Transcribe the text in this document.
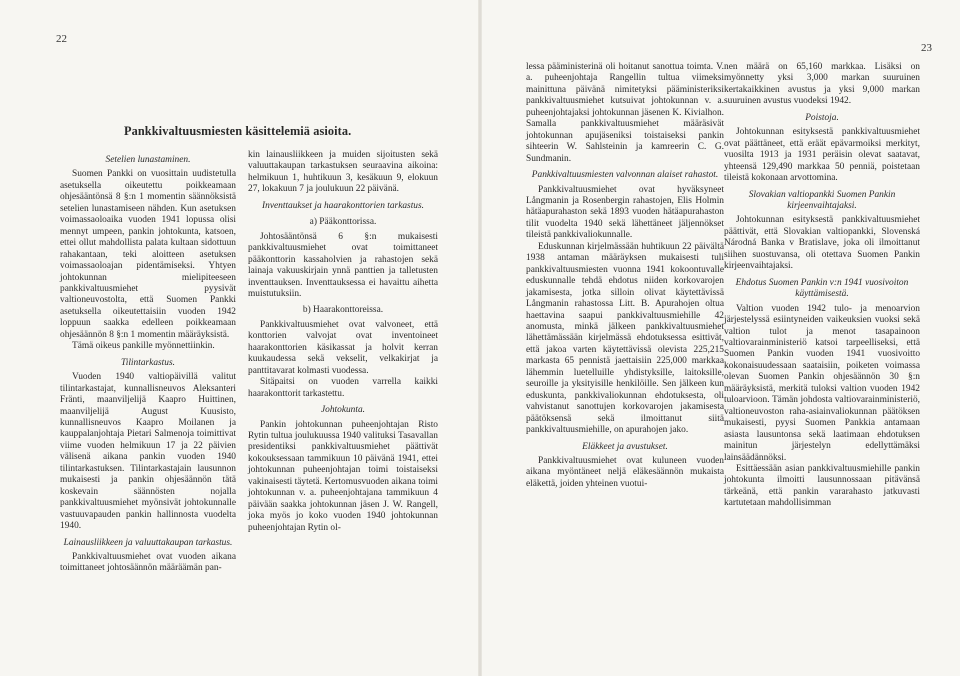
22
Pankkivaltuusmiesten käsittelemiä asioita.

Setelien lunastaminen.

Suomen Pankki on vuosittain uudistetulla asetuksella oikeutettu poikkeamaan ohjesääntönsä 8 §:n 1 momentin säännöksistä setelien lunastamiseen nähden. Kun asetuksen voimassaoloaika vuoden 1941 lopussa olisi mennyt umpeen, pankin johtokunta, katsoen, ettei ollut mahdollista palata kultaan sidottuun rahakantaan, teki aloitteen asetuksen voimassaoloajan pidentämiseksi. Yhtyen johtokunnan mielipiteeseen pankkivaltuusmiehet pyysivät valtioneuvostolta, että Suomen Pankki asetuksella oikeutettaisiin vuoden 1942 loppuun saakka edelleen poikkeamaan ohjesäännön 8 §:n 1 momentin määräyksistä.

Tämä oikeus pankille myönnettiinkin.

Tilintarkastus.

Vuoden 1940 valtiopäivillä valitut tilintarkastajat, kunnallisneuvos Aleksanteri Fränti, maanviljelijä Kaapro Huittinen, maanviljelijä August Kuusisto, kunnallisneuvos Kaapro Moilanen ja kauppalanjohtaja Pietari Salmenoja toimittivat viime vuoden helmikuun 17 ja 22 päivien välisenä aikana pankin vuoden 1940 tilintarkastuksen. Tilintarkastajain lausunnon mukaisesti ja pankin ohjesäännön tätä koskevain säännösten nojalla pankkivaltuusmiehet myönsivät johtokunnalle vastuuvapauden pankin hallinnosta vuodelta 1940.

Lainausliikkeen ja valuuttakaupan tarkastus.

Pankkivaltuusmiehet ovat vuoden aikana toimittaneet johtosäännön määräämän pan-

kin lainausliikkeen ja muiden sijoitusten sekä valuuttakaupan tarkastuksen seuraavina aikoina: helmikuun 1, huhtikuun 3, kesäkuun 9, elokuun 27, lokakuun 7 ja joulukuun 22 päivänä.

Inventtaukset ja haarakonttorien tarkastus.

a) Pääkonttorissa.

Johtosääntönsä 6 §:n mukaisesti pankkivaltuusmiehet ovat toimittaneet pääkonttorin kassaholvien ja rahastojen sekä lainaja vakuuskirjain ynnä panttien ja talletusten inventtauksen. Inventtauksessa ei havaittu aihetta muistutuksiin.

b) Haarakonttoreissa.

Pankkivaltuusmiehet ovat valvoneet, että konttorien valvojat ovat inventoineet haarakonttorien käsikassat ja holvit kerran kuukaudessa sekä vekselit, velkakirjat ja panttitavarat kolmasti vuodessa.

Sitäpaitsi on vuoden varrella kaikki haarakonttorit tarkastettu.

Johtokunta.

Pankin johtokunnan puheenjohtajan Risto Rytin tultua joulukuussa 1940 valituksi Tasavallan presidentiksi pankkivaltuusmiehet päättivät kokouksessaan tammikuun 10 päivänä 1941, ettei johtokunnan puheenjohtajan toimi toistaiseksi vakinaisesti täytetä. Kertomusvuoden aikana toimi johtokunnan v. a. puheenjohtajana tammikuun 4 päivään saakka johtokunnan jäsen J. W. Rangell, joka myös jo koko vuoden 1940 johtokunnan puheenjohtajan Rytin ol-

23

lessa pääministerinä oli hoitanut sanottua toimta. V. a. puheenjohtaja Rangellin tultua viimeksi mainittuna päivänä nimitetyksi pääministeriksi pankkivaltuusmiehet kutsuivat johtokunnan v. a. puheenjohtajaksi johtokunnan jäsenen K. Kivialhon. Samalla pankkivaltuusmiehet määräsivät johtokunnan apujäseniksi toistaiseksi pankin sihteerin W. Sahlsteinin ja kamreerin C. G. Sundmanin.

Pankkivaltuusmiesten valvonnan alaiset rahastot.

Pankkivaltuusmiehet ovat hyväksyneet Långmanin ja Rosenbergin rahastojen, Elis Holmin hätäapurahaston sekä 1893 vuoden hätäapurahaston tilit vuodelta 1940 sekä lähettäneet jäljennökset tileistä pankkivaliokunnalle.

Eduskunnan kirjelmässään huhtikuun 22 päivältä 1938 antaman määräyksen mukaisesti tuli pankkivaltuusmiesten vuonna 1941 kokoontuvalle eduskunnalle tehdä ehdotus niiden korkovarojen jakamisesta, jotka silloin olivat käytettävissä Långmanin rahastossa Litt. B. Apurahojen oltua haettavina saapui pankkivaltuusmiehille 42 anomusta, minkä jälkeen pankkivaltuusmiehet lähettämässään kirjelmässä ehdotuksessa esittivät, että jakoa varten käytettävissä olevista 225,215 markasta 65 pennistä jaettaisiin 225,000 markkaa lähemmin luetelluille yhdistyksille, laitoksille, seuroille ja yksityisille henkilöille. Sen jälkeen kun eduskunta, pankkivaliokunnan ehdotuksesta, oli vahvistanut sanottujen korkovarojen jakamisesta päätöksensä sekä ilmoittanut siitä pankkivaltuusmiehille, on apurahojen jako.

Eläkkeet ja avustukset.

Pankkivaltuusmiehet ovat kuluneen vuoden aikana myöntäneet neljä eläkesäännön mukaista eläkettä, joiden yhteinen vuotui-

nen määrä on 65,160 markkaa. Lisäksi on myönnetty yksi 3,000 markan suuruinen kertakaikkinen avustus ja yksi 9,000 markan suuruinen avustus vuodeksi 1942.

Poistoja.

Johtokunnan esityksestä pankkivaltuusmiehet ovat päättäneet, että eräät epävarmoiksi merkityt, vuosilta 1913 ja 1931 peräisin olevat saatavat, yhteensä 129,490 markkaa 50 penniä, poistetaan tileistä kokonaan arvottomina.

Slovakian valtiopankki Suomen Pankin kirjeenvaihtajaksi.

Johtokunnan esityksestä pankkivaltuusmiehet päättivät, että Slovakian valtiopankki, Slovenská Národná Banka v Bratislave, joka oli ilmoittanut siihen suostuvansa, oli otettava Suomen Pankin kirjeenvaihtajaksi.

Ehdotus Suomen Pankin v:n 1941 vuosivoiton käyttämisestä.

Valtion vuoden 1942 tulo- ja menoarvion järjestelyssä esiintyneiden vaikeuksien vuoksi sekä valtion tulot ja menot tasapainoon valtiovarainministeriö katsoi tarpeelliseksi, että Suomen Pankin vuoden 1941 vuosivoitto kokonaisuudessaan saataisiin, poiketen voimassa olevan Suomen Pankin ohjesäännön 30 §:n määräyksistä, merkitä tuloksi valtion vuoden 1942 tuloarvioon. Tämän johdosta valtiovarainministeriö, valtioneuvoston raha-asiainvaliokunnan päätöksen mukaisesti, pyysi Suomen Pankkia antamaan asiasta lausuntonsa sekä laatimaan ehdotuksen mainitun järjestelyn edellyttämäksi lainsäädännöksi.

Esittäessään asian pankkivaltuusmiehille pankin johtokunta ilmoitti lausunnossaan pitävänsä tärkeänä, että pankin vararahasto jatkuvasti kartutetaan mahdollisimman
